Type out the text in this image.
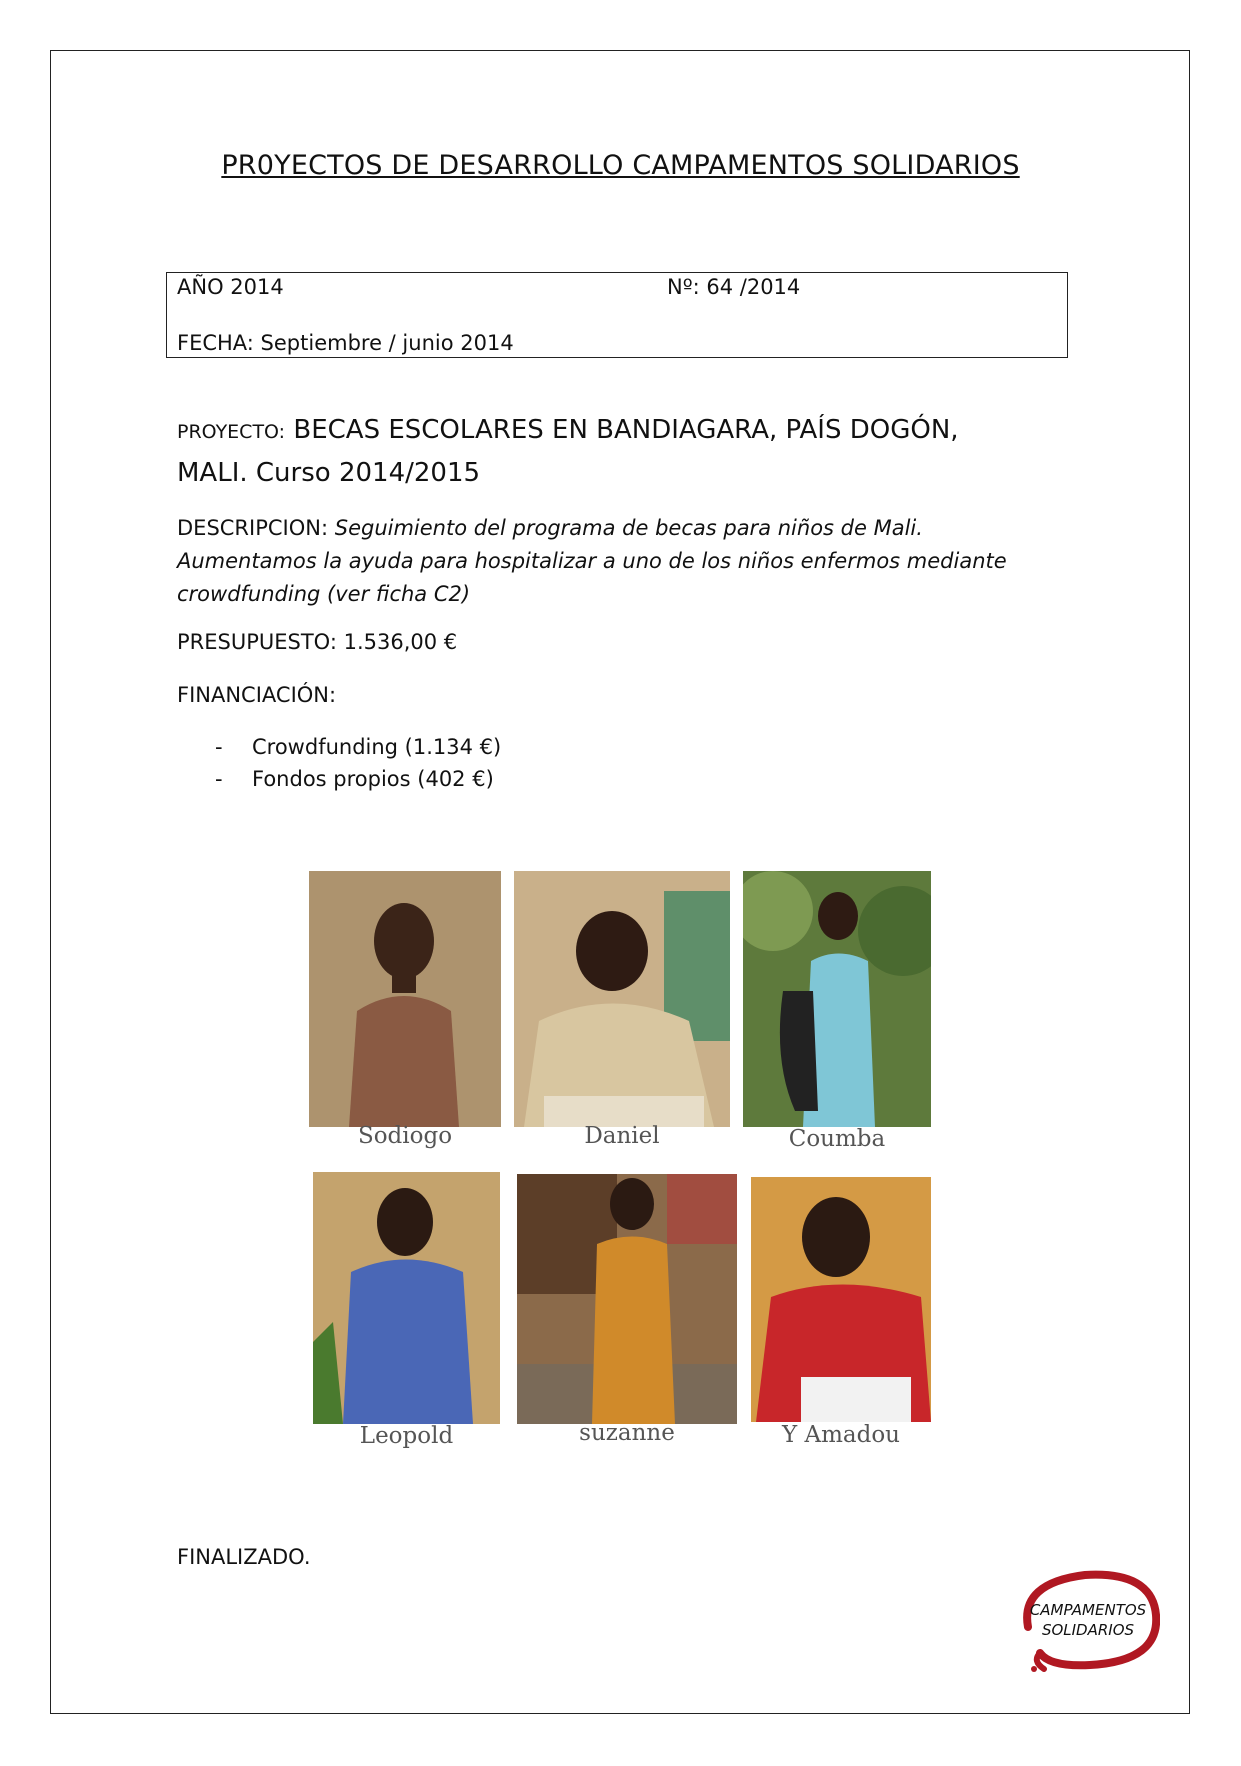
PR0YECTOS DE DESARROLLO CAMPAMENTOS SOLIDARIOS
AÑO 2014	Nº: 64 /2014
FECHA: Septiembre / junio 2014
PROYECTO: BECAS ESCOLARES EN BANDIAGARA, PAÍS DOGÓN,
MALI. Curso 2014/2015
DESCRIPCION: Seguimiento del programa de becas para niños de Mali. Aumentamos la ayuda para hospitalizar a uno de los niños enfermos mediante crowdfunding (ver ficha C2)
PRESUPUESTO: 1.536,00 €
FINANCIACIÓN:
- Crowdfunding (1.134 €)
- Fondos propios (402 €)
Sodiogo	Daniel	Coumba
Leopold	suzanne	Y Amadou
FINALIZADO.
CAMPAMENTOS
SOLIDARIOS
